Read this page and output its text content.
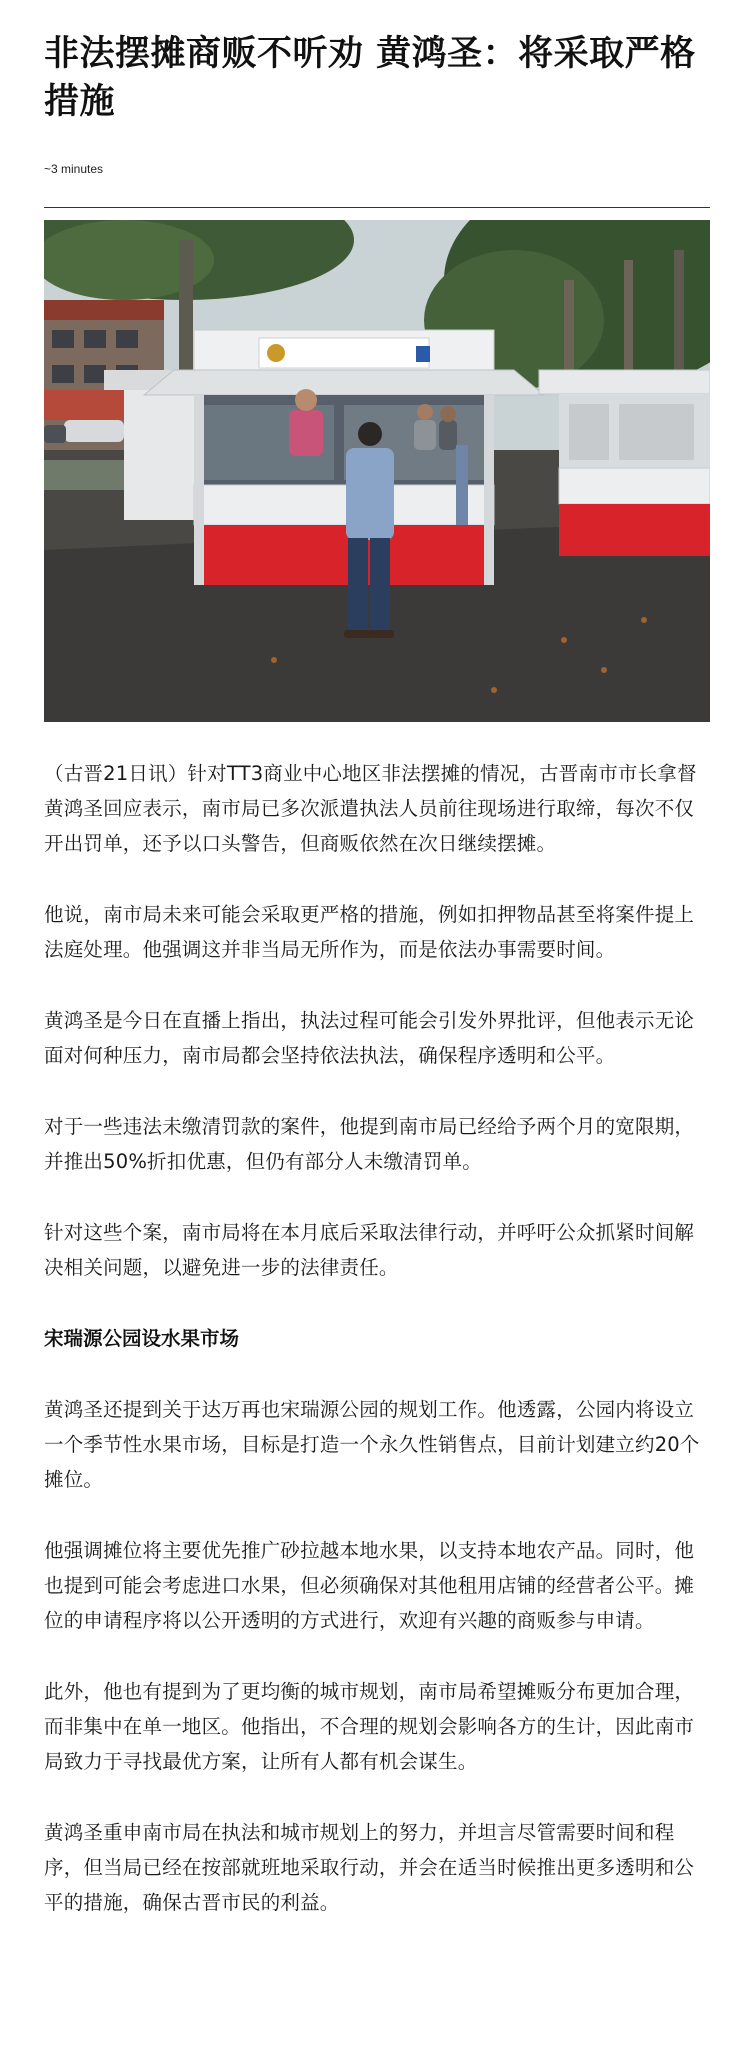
非法摆摊商贩不听劝 黄鸿圣：将采取严格措施
~3 minutes

（古晋21日讯）针对TT3商业中心地区非法摆摊的情况，古晋南市市长拿督黄鸿圣回应表示，南市局已多次派遣执法人员前往现场进行取缔，每次不仅开出罚单，还予以口头警告，但商贩依然在次日继续摆摊。

他说，南市局未来可能会采取更严格的措施，例如扣押物品甚至将案件提上法庭处理。他强调这并非当局无所作为，而是依法办事需要时间。

黄鸿圣是今日在直播上指出，执法过程可能会引发外界批评，但他表示无论面对何种压力，南市局都会坚持依法执法，确保程序透明和公平。

对于一些违法未缴清罚款的案件，他提到南市局已经给予两个月的宽限期，并推出50%折扣优惠，但仍有部分人未缴清罚单。

针对这些个案，南市局将在本月底后采取法律行动，并呼吁公众抓紧时间解决相关问题，以避免进一步的法律责任。

宋瑞源公园设水果市场

黄鸿圣还提到关于达万再也宋瑞源公园的规划工作。他透露，公园内将设立一个季节性水果市场，目标是打造一个永久性销售点，目前计划建立约20个摊位。

他强调摊位将主要优先推广砂拉越本地水果，以支持本地农产品。同时，他也提到可能会考虑进口水果，但必须确保对其他租用店铺的经营者公平。摊位的申请程序将以公开透明的方式进行，欢迎有兴趣的商贩参与申请。

此外，他也有提到为了更均衡的城市规划，南市局希望摊贩分布更加合理，而非集中在单一地区。他指出，不合理的规划会影响各方的生计，因此南市局致力于寻找最优方案，让所有人都有机会谋生。

黄鸿圣重申南市局在执法和城市规划上的努力，并坦言尽管需要时间和程序，但当局已经在按部就班地采取行动，并会在适当时候推出更多透明和公平的措施，确保古晋市民的利益。
